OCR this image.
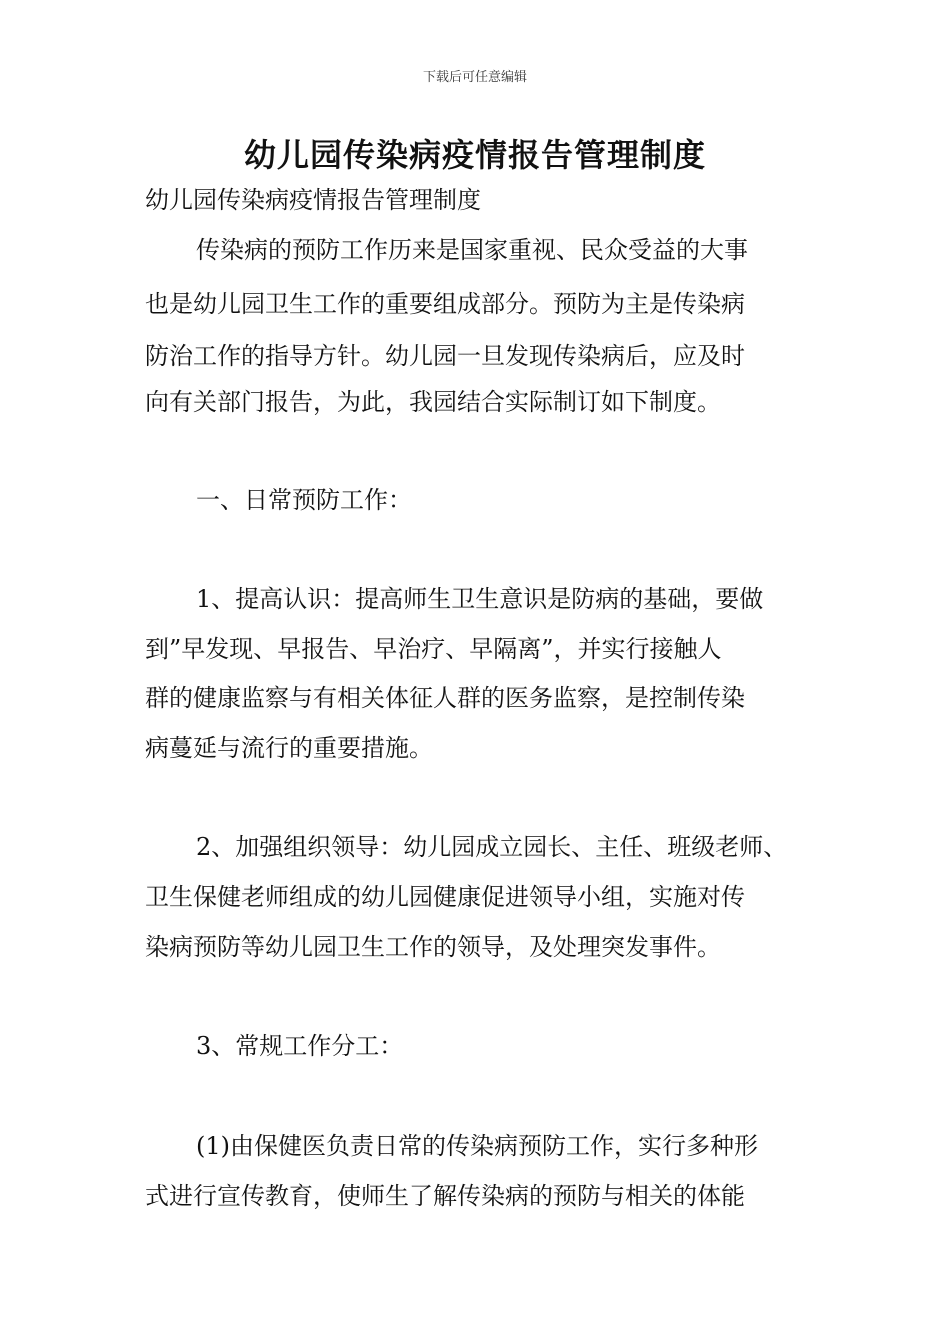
下载后可任意编辑
幼儿园传染病疫情报告管理制度
幼儿园传染病疫情报告管理制度
传染病的预防工作历来是国家重视、民众受益的大事
也是幼儿园卫生工作的重要组成部分。预防为主是传染病
防治工作的指导方针。幼儿园一旦发现传染病后，应及时
向有关部门报告，为此，我园结合实际制订如下制度。
一、日常预防工作：
1、提高认识：提高师生卫生意识是防病的基础，要做
到”早发现、早报告、早治疗、早隔离”，并实行接触人
群的健康监察与有相关体征人群的医务监察，是控制传染
病蔓延与流行的重要措施。
2、加强组织领导：幼儿园成立园长、主任、班级老师、
卫生保健老师组成的幼儿园健康促进领导小组，实施对传
染病预防等幼儿园卫生工作的领导，及处理突发事件。
3、常规工作分工：
(1)由保健医负责日常的传染病预防工作，实行多种形
式进行宣传教育，使师生了解传染病的预防与相关的体能
